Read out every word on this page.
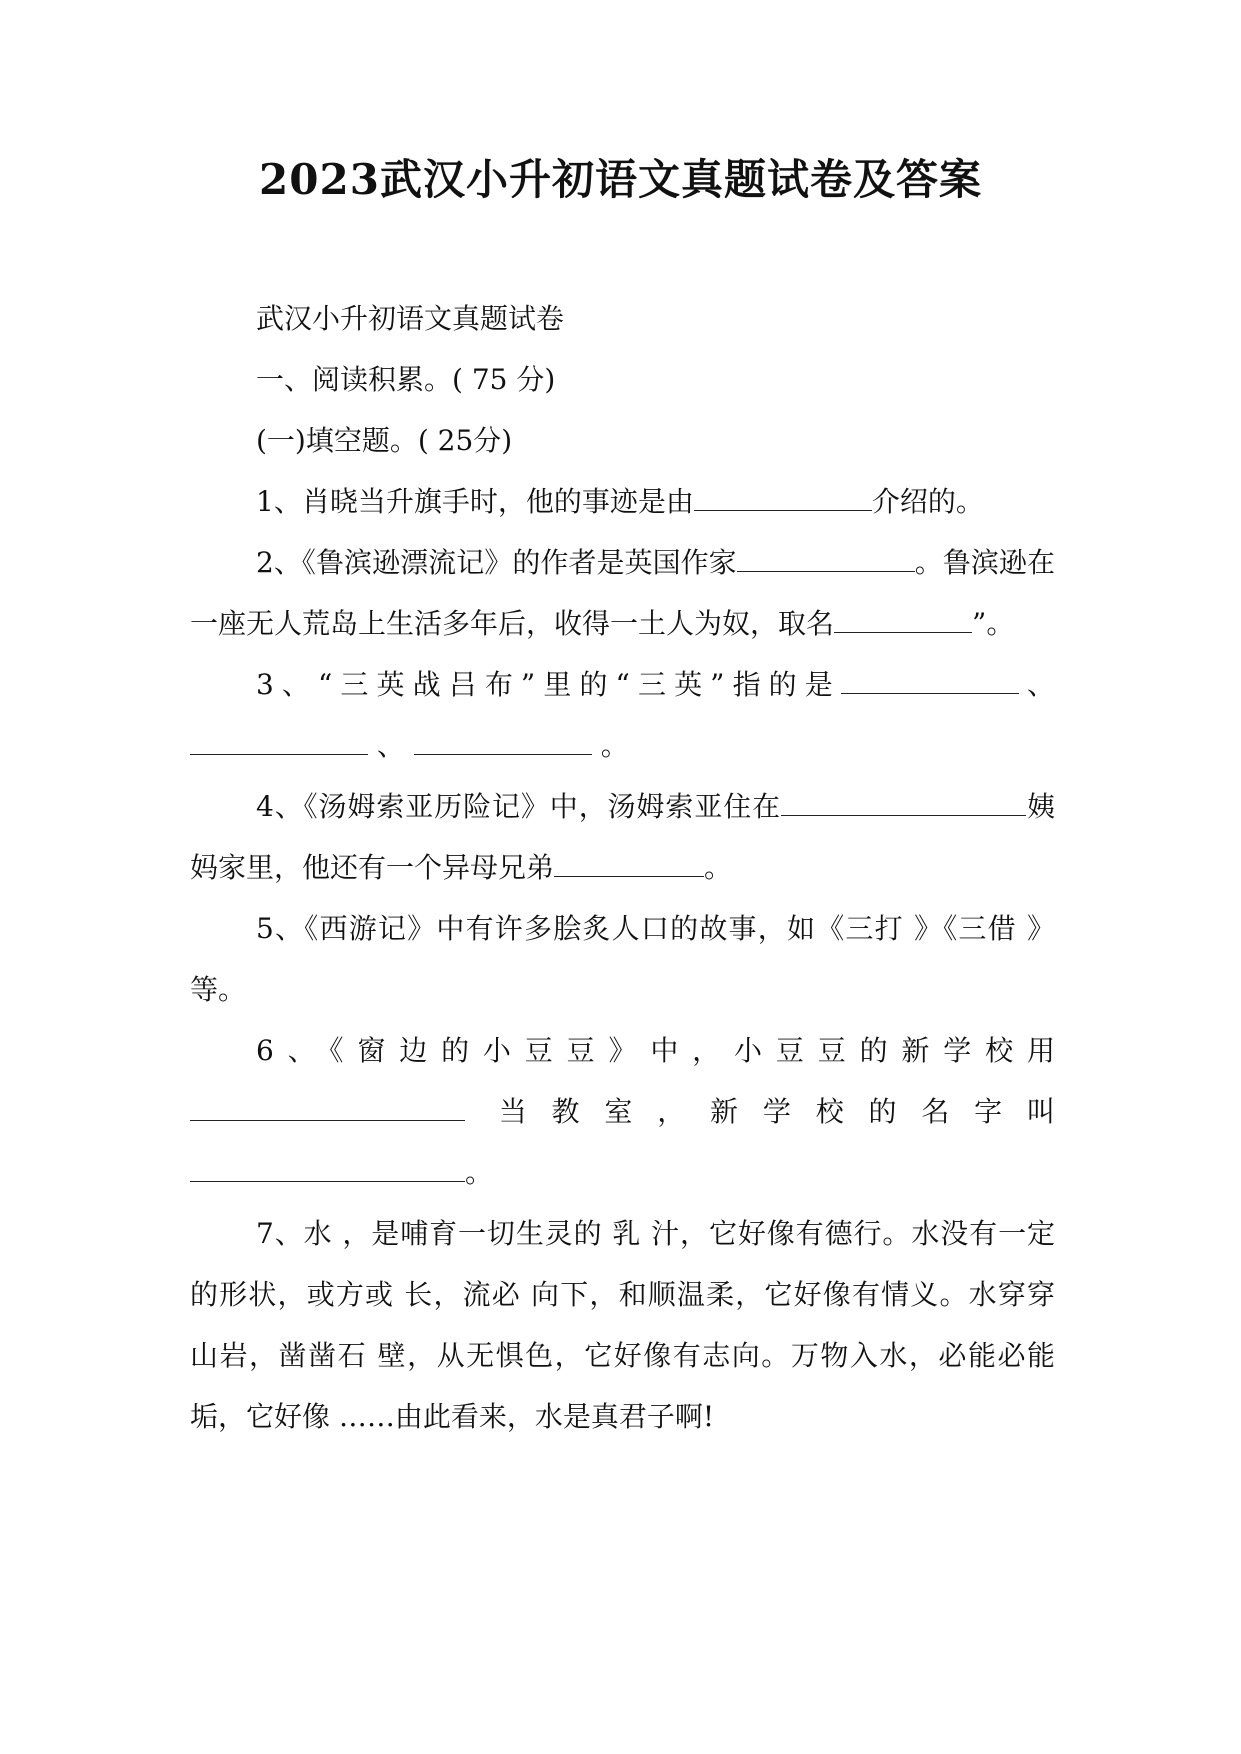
2023武汉小升初语文真题试卷及答案

武汉小升初语文真题试卷

一、阅读积累。( 75 分)

(一)填空题。( 25分)

1、肖晓当升旗手时，他的事迹是由	介绍的。

2、《鲁滨逊漂流记》的作者是英国作家	。鲁滨逊在一座无人荒岛上生活多年后，收得一土人为奴，取名	”。

3、“三英战吕布”里的“三英”指的是	、  、	。

4、《汤姆索亚历险记》中，汤姆索亚住在	姨妈家里，他还有一个异母兄弟	。

5、《西游记》中有许多脍炙人口的故事，如《三打 》《三借 》等。

6、《窗边的小豆豆》中，小豆豆的新学校用 当教室，新学校的名字叫。

7、水 ，是哺育一切生灵的 乳 汁，它好像有德行。水没有一定的形状，或方或 长，流必 向下，和顺温柔，它好像有情义。水穿穿 山岩，凿凿石 壁，从无惧色，它好像有志向。万物入水，必能必能 垢，它好像 ……由此看来，水是真君子啊!
